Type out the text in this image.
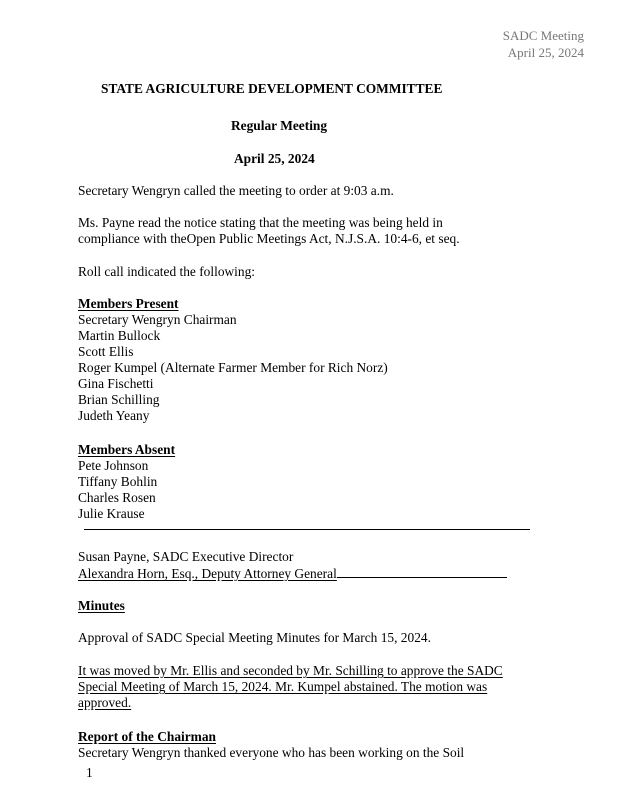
SADC Meeting
April 25, 2024
STATE AGRICULTURE DEVELOPMENT COMMITTEE
Regular Meeting
April 25, 2024
Secretary Wengryn called the meeting to order at 9:03 a.m.
Ms. Payne read the notice stating that the meeting was being held in
compliance with theOpen Public Meetings Act, N.J.S.A. 10:4-6, et seq.
Roll call indicated the following:
Members Present
Secretary Wengryn Chairman
Martin Bullock
Scott Ellis
Roger Kumpel (Alternate Farmer Member for Rich Norz)
Gina Fischetti
Brian Schilling
Judeth Yeany
Members Absent
Pete Johnson
Tiffany Bohlin
Charles Rosen
Julie Krause
Susan Payne, SADC Executive Director
Alexandra Horn, Esq., Deputy Attorney General
Minutes
Approval of SADC Special Meeting Minutes for March 15, 2024.
It was moved by Mr. Ellis and seconded by Mr. Schilling to approve the SADC
Special Meeting of March 15, 2024. Mr. Kumpel abstained. The motion was
approved.
Report of the Chairman
Secretary Wengryn thanked everyone who has been working on the Soil
1
